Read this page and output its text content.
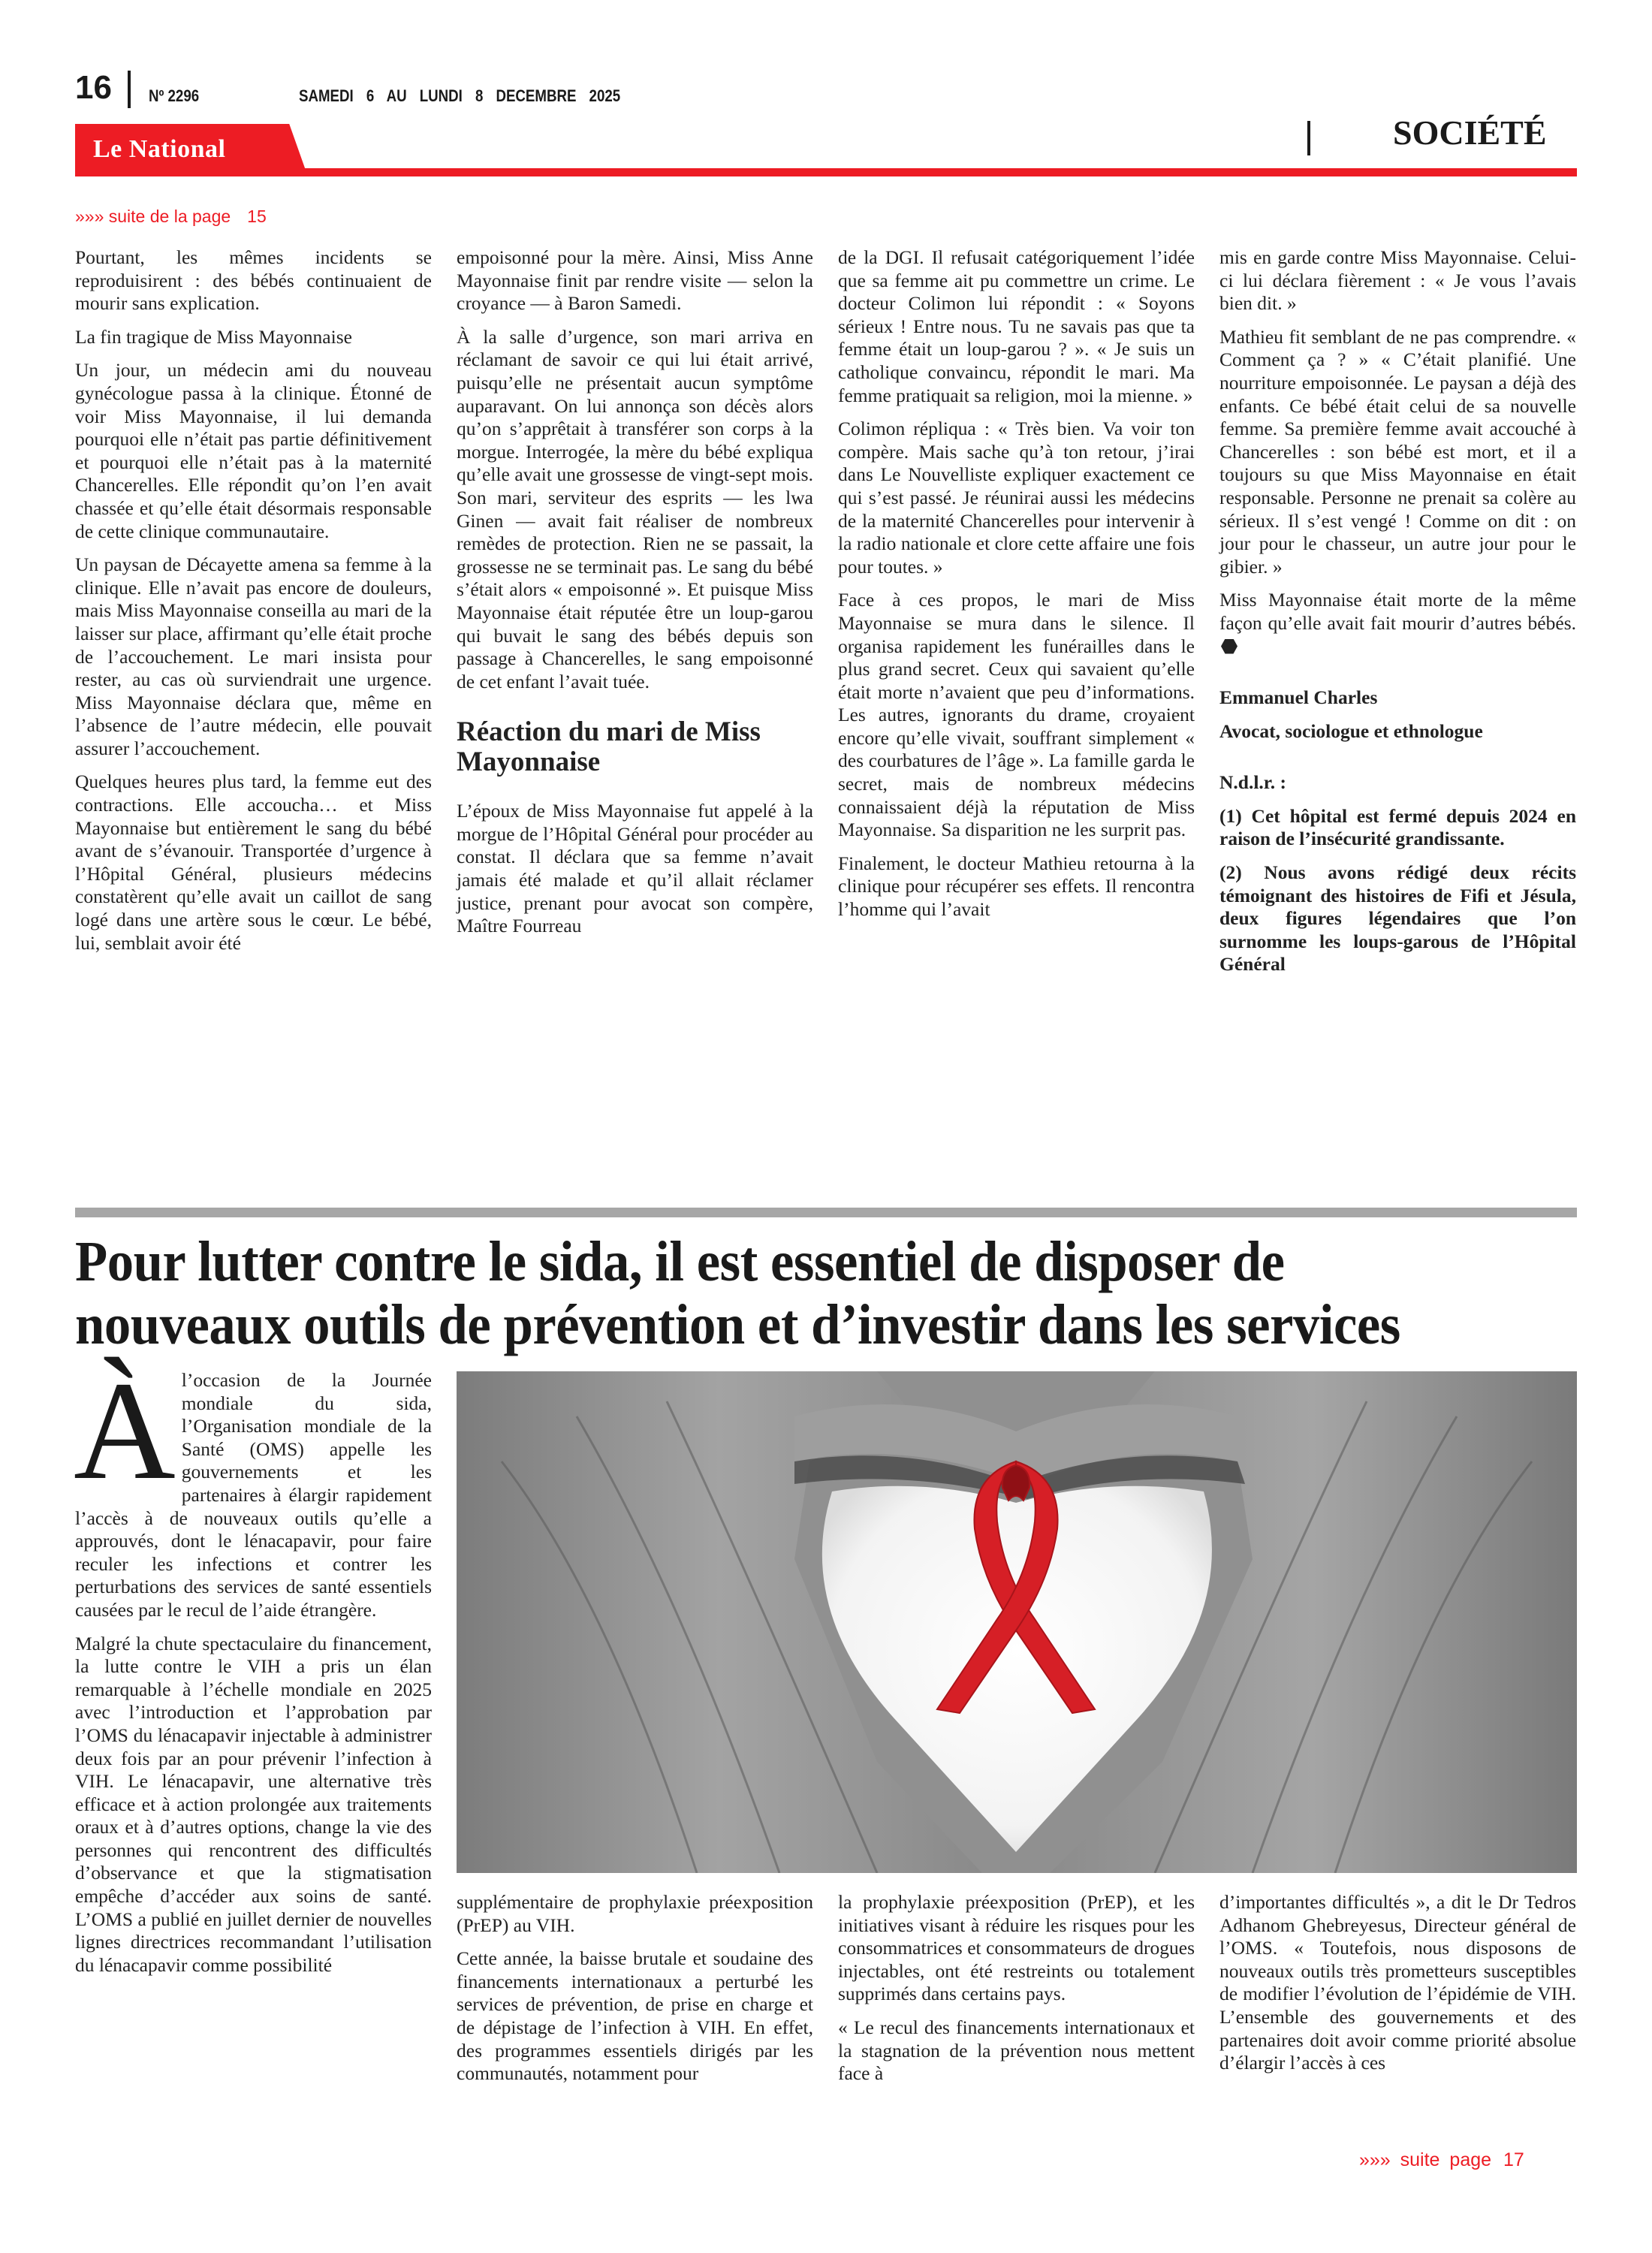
16 Nº 2296	SAMEDI 6 AU LUNDI 8 DECEMBRE 2025
Le National	SOCIÉTÉ
»»» suite de la page 15

Pourtant, les mêmes incidents se reproduisirent : des bébés continuaient de mourir sans explication.

La fin tragique de Miss Mayonnaise

Un jour, un médecin ami du nouveau gynécologue passa à la clinique. Étonné de voir Miss Mayonnaise, il lui demanda pourquoi elle n’était pas partie définitivement et pourquoi elle n’était pas à la maternité Chancerelles. Elle répondit qu’on l’en avait chassée et qu’elle était désormais responsable de cette clinique communautaire.

Un paysan de Décayette amena sa femme à la clinique. Elle n’avait pas encore de douleurs, mais Miss Mayonnaise conseilla au mari de la laisser sur place, affirmant qu’elle était proche de l’accouchement. Le mari insista pour rester, au cas où surviendrait une urgence. Miss Mayonnaise déclara que, même en l’absence de l’autre médecin, elle pouvait assurer l’accouchement.

Quelques heures plus tard, la femme eut des contractions. Elle accoucha… et Miss Mayonnaise but entièrement le sang du bébé avant de s’évanouir. Transportée d’urgence à l’Hôpital Général, plusieurs médecins constatèrent qu’elle avait un caillot de sang logé dans une artère sous le cœur. Le bébé, lui, semblait avoir été

empoisonné pour la mère. Ainsi, Miss Anne Mayonnaise finit par rendre visite — selon la croyance — à Baron Samedi.

À la salle d’urgence, son mari arriva en réclamant de savoir ce qui lui était arrivé, puisqu’elle ne présentait aucun symptôme auparavant. On lui annonça son décès alors qu’on s’apprêtait à transférer son corps à la morgue. Interrogée, la mère du bébé expliqua qu’elle avait une grossesse de vingt-sept mois. Son mari, serviteur des esprits — les lwa Ginen — avait fait réaliser de nombreux remèdes de protection. Rien ne se passait, la grossesse ne se terminait pas. Le sang du bébé s’était alors « empoisonné ». Et puisque Miss Mayonnaise était réputée être un loup-garou qui buvait le sang des bébés depuis son passage à Chancerelles, le sang empoisonné de cet enfant l’avait tuée.

Réaction du mari de Miss Mayonnaise

L’époux de Miss Mayonnaise fut appelé à la morgue de l’Hôpital Général pour procéder au constat. Il déclara que sa femme n’avait jamais été malade et qu’il allait réclamer justice, prenant pour avocat son compère, Maître Fourreau

de la DGI. Il refusait catégoriquement l’idée que sa femme ait pu commettre un crime. Le docteur Colimon lui répondit : « Soyons sérieux ! Entre nous. Tu ne savais pas que ta femme était un loup-garou ? ». « Je suis un catholique convaincu, répondit le mari. Ma femme pratiquait sa religion, moi la mienne. »

Colimon répliqua : « Très bien. Va voir ton compère. Mais sache qu’à ton retour, j’irai dans Le Nouvelliste expliquer exactement ce qui s’est passé. Je réunirai aussi les médecins de la maternité Chancerelles pour intervenir à la radio nationale et clore cette affaire une fois pour toutes. »

Face à ces propos, le mari de Miss Mayonnaise se mura dans le silence. Il organisa rapidement les funérailles dans le plus grand secret. Ceux qui savaient qu’elle était morte n’avaient que peu d’informations. Les autres, ignorants du drame, croyaient encore qu’elle vivait, souffrant simplement « des courbatures de l’âge ». La famille garda le secret, mais de nombreux médecins connaissaient déjà la réputation de Miss Mayonnaise. Sa disparition ne les surprit pas.

Finalement, le docteur Mathieu retourna à la clinique pour récupérer ses effets. Il rencontra l’homme qui l’avait

mis en garde contre Miss Mayonnaise. Celui-ci lui déclara fièrement : « Je vous l’avais bien dit. »

Mathieu fit semblant de ne pas comprendre. « Comment ça ? » « C’était planifié. Une nourriture empoisonnée. Le paysan a déjà des enfants. Ce bébé était celui de sa nouvelle femme. Sa première femme avait accouché à Chancerelles : son bébé est mort, et il a toujours su que Miss Mayonnaise en était responsable. Personne ne prenait sa colère au sérieux. Il s’est vengé ! Comme on dit : on jour pour le chasseur, un autre jour pour le gibier. »

Miss Mayonnaise était morte de la même façon qu’elle avait fait mourir d’autres bébés.

Emmanuel Charles

Avocat, sociologue et ethnologue

N.d.l.r. :

(1) Cet hôpital est fermé depuis 2024 en raison de l’insécurité grandissante.

(2) Nous avons rédigé deux récits témoignant des histoires de Fifi et Jésula, deux figures légendaires que l’on surnomme les loups-garous de l’Hôpital Général

Pour lutter contre le sida, il est essentiel de disposer de
nouveaux outils de prévention et d’investir dans les services

Àl’occasion de la Journée mondiale du sida, l’Organisation mondiale de la Santé (OMS) appelle les gouvernements et les partenaires à élargir rapidement l’accès à de nouveaux outils qu’elle a approuvés, dont le lénacapavir, pour faire reculer les infections et contrer les perturbations des services de santé essentiels causées par le recul de l’aide étrangère.

Malgré la chute spectaculaire du financement, la lutte contre le VIH a pris un élan remarquable à l’échelle mondiale en 2025 avec l’introduction et l’approbation par l’OMS du lénacapavir injectable à administrer deux fois par an pour prévenir l’infection à VIH. Le lénacapavir, une alternative très efficace et à action prolongée aux traitements oraux et à d’autres options, change la vie des personnes qui rencontrent des difficultés d’observance et que la stigmatisation empêche d’accéder aux soins de santé. L’OMS a publié en juillet dernier de nouvelles lignes directrices recommandant l’utilisation du lénacapavir comme possibilité

supplémentaire de prophylaxie préexposition (PrEP) au VIH.

Cette année, la baisse brutale et soudaine des financements internationaux a perturbé les services de prévention, de prise en charge et de dépistage de l’infection à VIH. En effet, des programmes essentiels dirigés par les communautés, notamment pour

la prophylaxie préexposition (PrEP), et les initiatives visant à réduire les risques pour les consommatrices et consommateurs de drogues injectables, ont été restreints ou totalement supprimés dans certains pays.

« Le recul des financements internationaux et la stagnation de la prévention nous mettent face à

d’importantes difficultés », a dit le Dr Tedros Adhanom Ghebreyesus, Directeur général de l’OMS. « Toutefois, nous disposons de nouveaux outils très prometteurs susceptibles de modifier l’évolution de l’épidémie de VIH. L’ensemble des gouvernements et des partenaires doit avoir comme priorité absolue d’élargir l’accès à ces

»»» suite page 17
